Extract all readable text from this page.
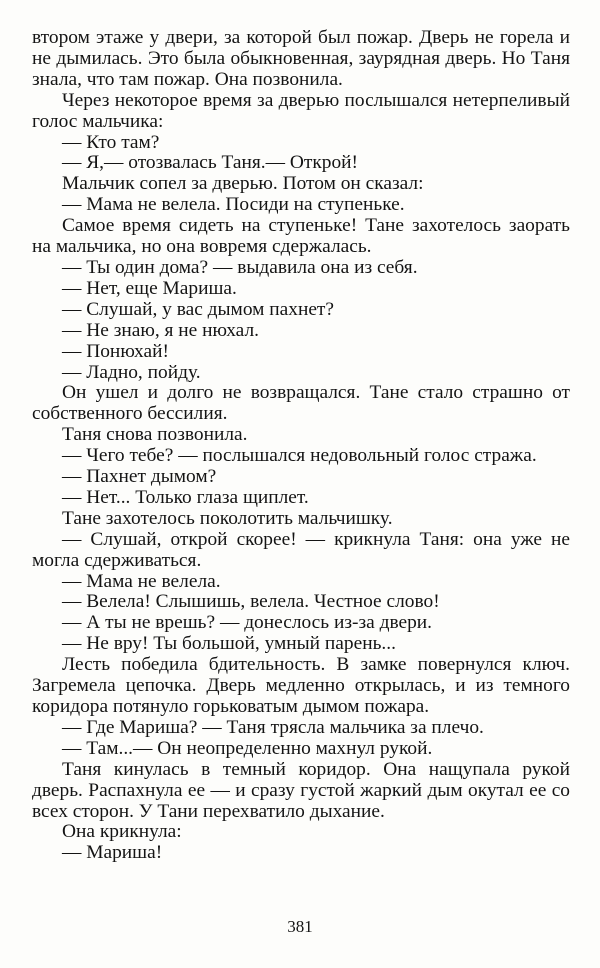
втором этаже у двери, за которой был пожар. Дверь не горела и не дымилась. Это была обыкновенная, заурядная дверь. Но Таня знала, что там пожар. Она позвонила.

Через некоторое время за дверью послышался нетерпеливый голос мальчика:

— Кто там?

— Я,— отозвалась Таня.— Открой!

Мальчик сопел за дверью. Потом он сказал:

— Мама не велела. Посиди на ступеньке.

Самое время сидеть на ступеньке! Тане захотелось заорать на мальчика, но она вовремя сдержалась.

— Ты один дома? — выдавила она из себя.

— Нет, еще Мариша.

— Слушай, у вас дымом пахнет?

— Не знаю, я не нюхал.

— Понюхай!

— Ладно, пойду.

Он ушел и долго не возвращался. Тане стало страшно от собственного бессилия.

Таня снова позвонила.

— Чего тебе? — послышался недовольный голос стража.

— Пахнет дымом?

— Нет... Только глаза щиплет.

Тане захотелось поколотить мальчишку.

— Слушай, открой скорее! — крикнула Таня: она уже не могла сдерживаться.

— Мама не велела.

— Велела! Слышишь, велела. Честное слово!

— А ты не врешь? — донеслось из-за двери.

— Не вру! Ты большой, умный парень...

Лесть победила бдительность. В замке повернулся ключ. Загремела цепочка. Дверь медленно открылась, и из темного коридора потянуло горьковатым дымом пожара.

— Где Мариша? — Таня трясла мальчика за плечо.

— Там...— Он неопределенно махнул рукой.

Таня кинулась в темный коридор. Она нащупала рукой дверь. Распахнула ее — и сразу густой жаркий дым окутал ее со всех сторон. У Тани перехватило дыхание.

Она крикнула:

— Мариша!

381
